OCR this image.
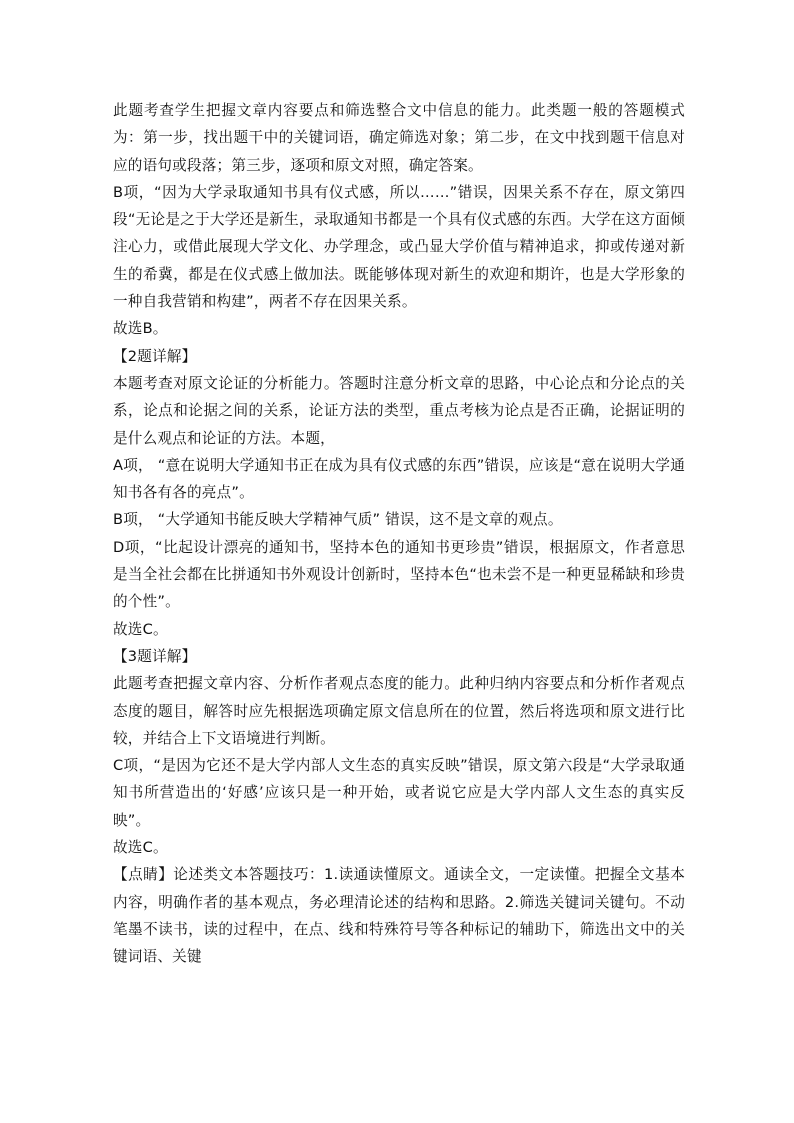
此题考查学生把握文章内容要点和筛选整合文中信息的能力。此类题一般的答题模式为：第一步，找出题干中的关键词语，确定筛选对象；第二步，在文中找到题干信息对应的语句或段落；第三步，逐项和原文对照，确定答案。

B项，“因为大学录取通知书具有仪式感，所以……”错误，因果关系不存在，原文第四段“无论是之于大学还是新生，录取通知书都是一个具有仪式感的东西。大学在这方面倾注心力，或借此展现大学文化、办学理念，或凸显大学价值与精神追求，抑或传递对新生的希冀，都是在仪式感上做加法。既能够体现对新生的欢迎和期许，也是大学形象的一种自我营销和构建”，两者不存在因果关系。

故选B。

【2题详解】

本题考查对原文论证的分析能力。答题时注意分析文章的思路，中心论点和分论点的关系，论点和论据之间的关系，论证方法的类型，重点考核为论点是否正确，论据证明的是什么观点和论证的方法。本题，

A项， “意在说明大学通知书正在成为具有仪式感的东西”错误，应该是“意在说明大学通知书各有各的亮点”。

B项， “大学通知书能反映大学精神气质” 错误，这不是文章的观点。

D项，“比起设计漂亮的通知书，坚持本色的通知书更珍贵”错误，根据原文，作者意思是当全社会都在比拼通知书外观设计创新时，坚持本色“也未尝不是一种更显稀缺和珍贵的个性”。

故选C。

【3题详解】

此题考查把握文章内容、分析作者观点态度的能力。此种归纳内容要点和分析作者观点态度的题目，解答时应先根据选项确定原文信息所在的位置，然后将选项和原文进行比较，并结合上下文语境进行判断。

C项，“是因为它还不是大学内部人文生态的真实反映”错误，原文第六段是“大学录取通知书所营造出的‘好感’应该只是一种开始，或者说它应是大学内部人文生态的真实反映”。

故选C。

【点睛】论述类文本答题技巧：1.读通读懂原文。通读全文，一定读懂。把握全文基本内容，明确作者的基本观点，务必理清论述的结构和思路。2.筛选关键词关键句。不动笔墨不读书，读的过程中，在点、线和特殊符号等各种标记的辅助下，筛选出文中的关键词语、关键
